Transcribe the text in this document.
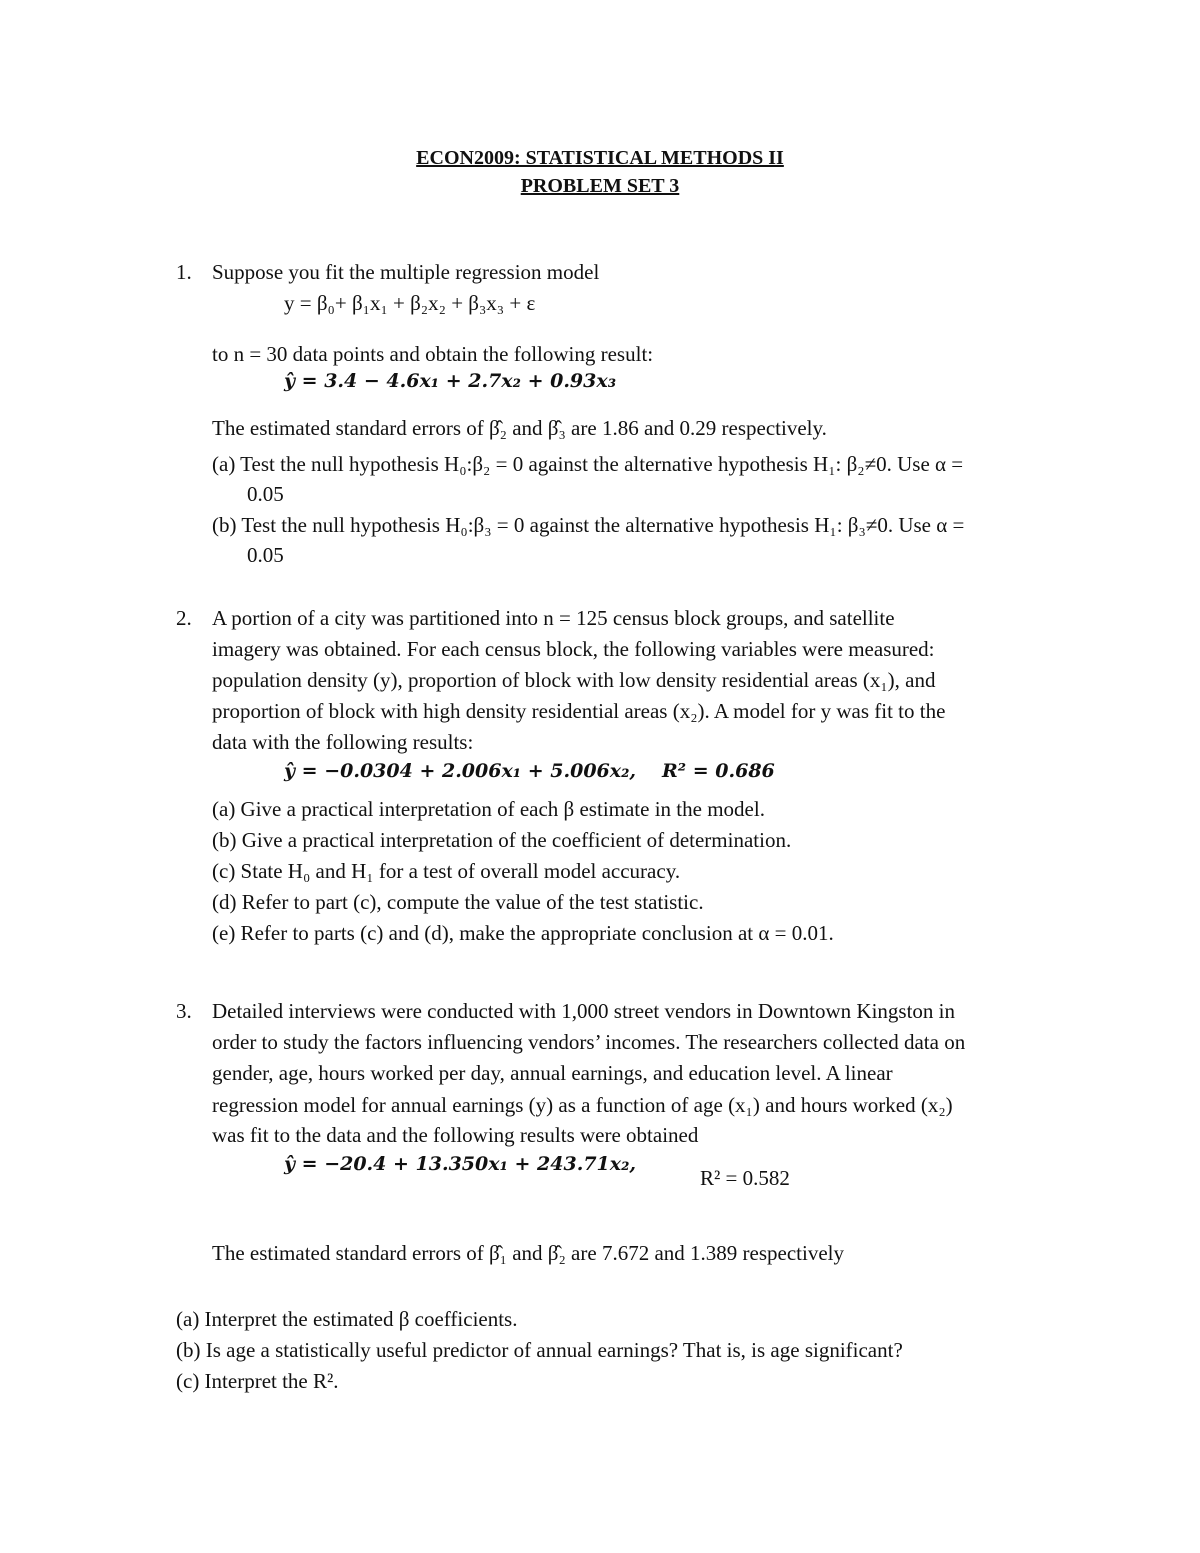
ECON2009: STATISTICAL METHODS II
PROBLEM SET 3
1. Suppose you fit the multiple regression model
y = β₀+ β₁x₁ + β₂x₂ + β₃x₃ + ε
to n = 30 data points and obtain the following result:
ŷ = 3.4 − 4.6x₁ + 2.7x₂ + 0.93x₃
The estimated standard errors of β̂₂ and β̂₃ are 1.86 and 0.29 respectively.
(a) Test the null hypothesis H₀:β₂ = 0 against the alternative hypothesis H₁: β₂≠0. Use α =
0.05
(b) Test the null hypothesis H₀:β₃ = 0 against the alternative hypothesis H₁: β₃≠0. Use α =
0.05
2. A portion of a city was partitioned into n = 125 census block groups, and satellite
imagery was obtained. For each census block, the following variables were measured:
population density (y), proportion of block with low density residential areas (x₁), and
proportion of block with high density residential areas (x₂). A model for y was fit to the
data with the following results:
ŷ = −0.0304 + 2.006x₁ + 5.006x₂, R² = 0.686
(a) Give a practical interpretation of each β estimate in the model.
(b) Give a practical interpretation of the coefficient of determination.
(c) State H₀ and H₁ for a test of overall model accuracy.
(d) Refer to part (c), compute the value of the test statistic.
(e) Refer to parts (c) and (d), make the appropriate conclusion at α = 0.01.
3. Detailed interviews were conducted with 1,000 street vendors in Downtown Kingston in
order to study the factors influencing vendors’ incomes. The researchers collected data on
gender, age, hours worked per day, annual earnings, and education level. A linear
regression model for annual earnings (y) as a function of age (x₁) and hours worked (x₂)
was fit to the data and the following results were obtained
ŷ = −20.4 + 13.350x₁ + 243.71x₂,
R² = 0.582
The estimated standard errors of β̂₁ and β̂₂ are 7.672 and 1.389 respectively
(a) Interpret the estimated β coefficients.
(b) Is age a statistically useful predictor of annual earnings? That is, is age significant?
(c) Interpret the R².
